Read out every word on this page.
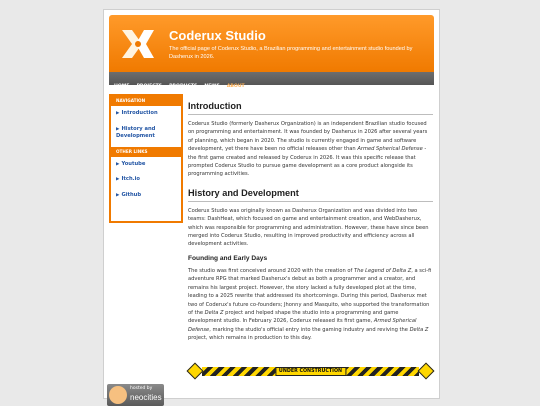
Coderux Studio
The official page of Coderux Studio, a Brazilian programming and entertainment studio founded by Dasherux in 2026.
HOME PROJECTS PRODUCTS NEWS ABOUT
NAVIGATION
▶ Introduction
▶ History and Development
OTHER LINKS
▶ Youtube
▶ Itch.io
▶ Github
Introduction

Coderux Studio (formerly Dasherux Organization) is an independent Brazilian studio focused on programming and entertainment. It was founded by Dasherux in 2026 after several years of planning, which began in 2020. The studio is currently engaged in game and software development, yet there have been no official releases other than Armed Spherical Defense - the first game created and released by Coderux in 2026. It was this specific release that prompted Coderux Studio to pursue game development as a core product alongside its programming activities.

History and Development

Coderux Studio was originally known as Dasherux Organization and was divided into two teams: DashHeat, which focused on game and entertainment creation, and WebDasherux, which was responsible for programming and administration. However, these have since been merged into Coderux Studio, resulting in improved productivity and efficiency across all development activities.

Founding and Early Days

The studio was first conceived around 2020 with the creation of The Legend of Delta Z, a sci-fi adventure RPG that marked Dasherux's debut as both a programmer and a creator, and remains his largest project. However, the story lacked a fully developed plot at the time, leading to a 2025 rewrite that addressed its shortcomings. During this period, Dasherux met two of Coderux's future co-founders; Jhonny and Masquito, who supported the transformation of the Delta Z project and helped shape the studio into a programming and game development studio. In February 2026, Coderux released its first game, Armed Spherical Defense, marking the studio's official entry into the gaming industry and reviving the Delta Z project, which remains in production to this day.

UNDER CONSTRUCTION
hosted by
neocities
